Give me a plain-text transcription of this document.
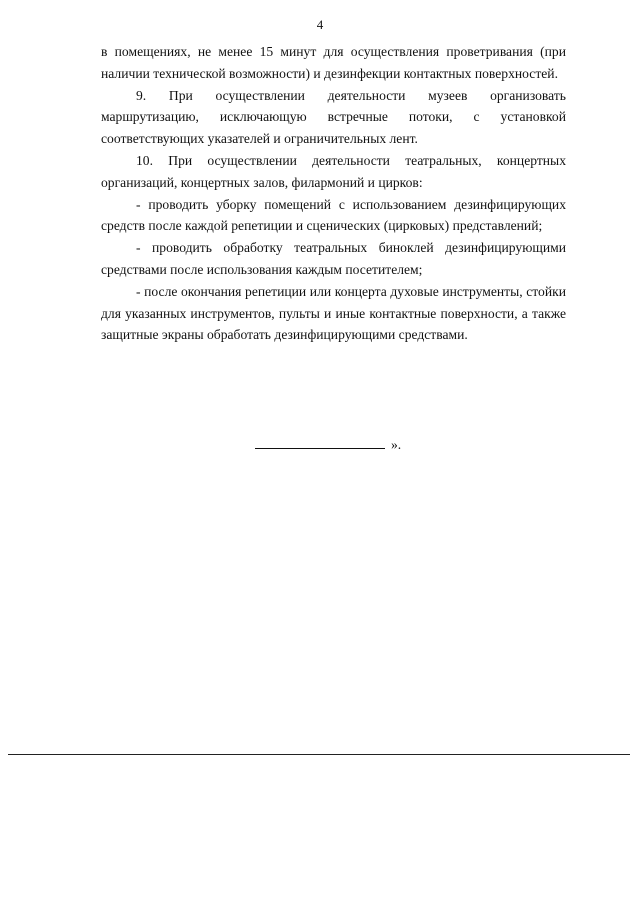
4

в помещениях, не менее 15 минут для осуществления проветривания (при наличии технической возможности) и дезинфекции контактных поверхностей.

9. При осуществлении деятельности музеев организовать маршрутизацию, исключающую встречные потоки, с установкой соответствующих указателей и ограничительных лент.

10. При осуществлении деятельности театральных, концертных организаций, концертных залов, филармоний и цирков:

- проводить уборку помещений с использованием дезинфицирующих средств после каждой репетиции и сценических (цирковых) представлений;

- проводить обработку театральных биноклей дезинфицирующими средствами после использования каждым посетителем;

- после окончания репетиции или концерта духовые инструменты, стойки для указанных инструментов, пульты и иные контактные поверхности, а также защитные экраны обработать дезинфицирующими средствами.

».
